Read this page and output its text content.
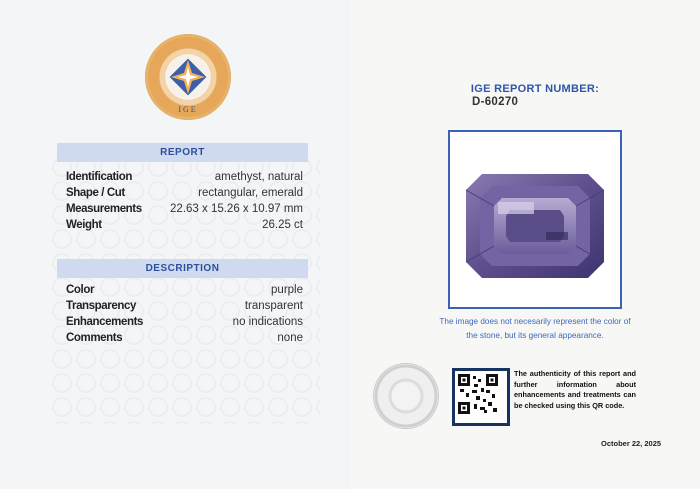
IGE
REPORT
Identification	amethyst, natural
Shape / Cut	rectangular, emerald
Measurements 22.63 x 15.26 x 10.97 mm
Weight	26.25 ct
DESCRIPTION
Color	purple
Transparency	transparent
Enhancements	no indications
Comments	none
IGE REPORT NUMBER:
D-60270
The image does not necesarily represent the color of
the stone, but its general appearance.
The authenticity of this report and further information about enhancements and treatments can be checked using this QR code.
October 22, 2025
